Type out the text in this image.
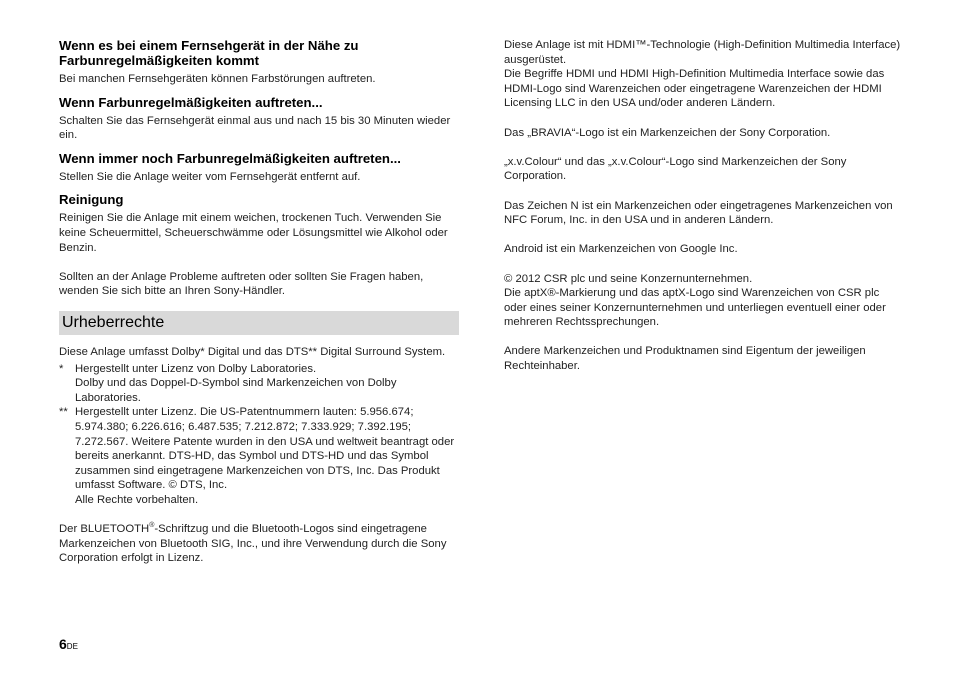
Wenn es bei einem Fernsehgerät in der Nähe zu Farbunregelmäßigkeiten kommt

Bei manchen Fernsehgeräten können Farbstörungen auftreten.

Wenn Farbunregelmäßigkeiten auftreten...

Schalten Sie das Fernsehgerät einmal aus und nach 15 bis 30 Minuten wieder ein.

Wenn immer noch Farbunregelmäßigkeiten auftreten...

Stellen Sie die Anlage weiter vom Fernsehgerät entfernt auf.

Reinigung

Reinigen Sie die Anlage mit einem weichen, trockenen Tuch. Verwenden Sie keine Scheuermittel, Scheuerschwämme oder Lösungsmittel wie Alkohol oder Benzin.

Sollten an der Anlage Probleme auftreten oder sollten Sie Fragen haben, wenden Sie sich bitte an Ihren Sony-Händler.

Urheberrechte

Diese Anlage umfasst Dolby* Digital und das DTS** Digital Surround System.

*	Hergestellt unter Lizenz von Dolby Laboratories.
Dolby und das Doppel-D-Symbol sind Markenzeichen von Dolby Laboratories.
** Hergestellt unter Lizenz. Die US-Patentnummern lauten: 5.956.674; 5.974.380; 6.226.616; 6.487.535; 7.212.872; 7.333.929; 7.392.195; 7.272.567. Weitere Patente wurden in den USA und weltweit beantragt oder bereits anerkannt. DTS-HD, das Symbol und DTS-HD und das Symbol zusammen sind eingetragene Markenzeichen von DTS, Inc. Das Produkt umfasst Software. © DTS, Inc.
Alle Rechte vorbehalten.

Der BLUETOOTH®-Schriftzug und die Bluetooth-Logos sind eingetragene Markenzeichen von Bluetooth SIG, Inc., und ihre Verwendung durch die Sony Corporation erfolgt in Lizenz.

Diese Anlage ist mit HDMI™-Technologie (High-Definition Multimedia Interface) ausgerüstet.

Die Begriffe HDMI und HDMI High-Definition Multimedia Interface sowie das HDMI-Logo sind Warenzeichen oder eingetragene Warenzeichen der HDMI Licensing LLC in den USA und/oder anderen Ländern.

Das „BRAVIA“-Logo ist ein Markenzeichen der Sony Corporation.

„x.v.Colour“ und das „x.v.Colour“-Logo sind Markenzeichen der Sony Corporation.

Das Zeichen N ist ein Markenzeichen oder eingetragenes Markenzeichen von NFC Forum, Inc. in den USA und in anderen Ländern.

Android ist ein Markenzeichen von Google Inc.

© 2012 CSR plc und seine Konzernunternehmen.

Die aptX®-Markierung und das aptX-Logo sind Warenzeichen von CSR plc oder eines seiner Konzernunternehmen und unterliegen eventuell einer oder mehreren Rechtssprechungen.

Andere Markenzeichen und Produktnamen sind Eigentum der jeweiligen Rechteinhaber.

6DE
